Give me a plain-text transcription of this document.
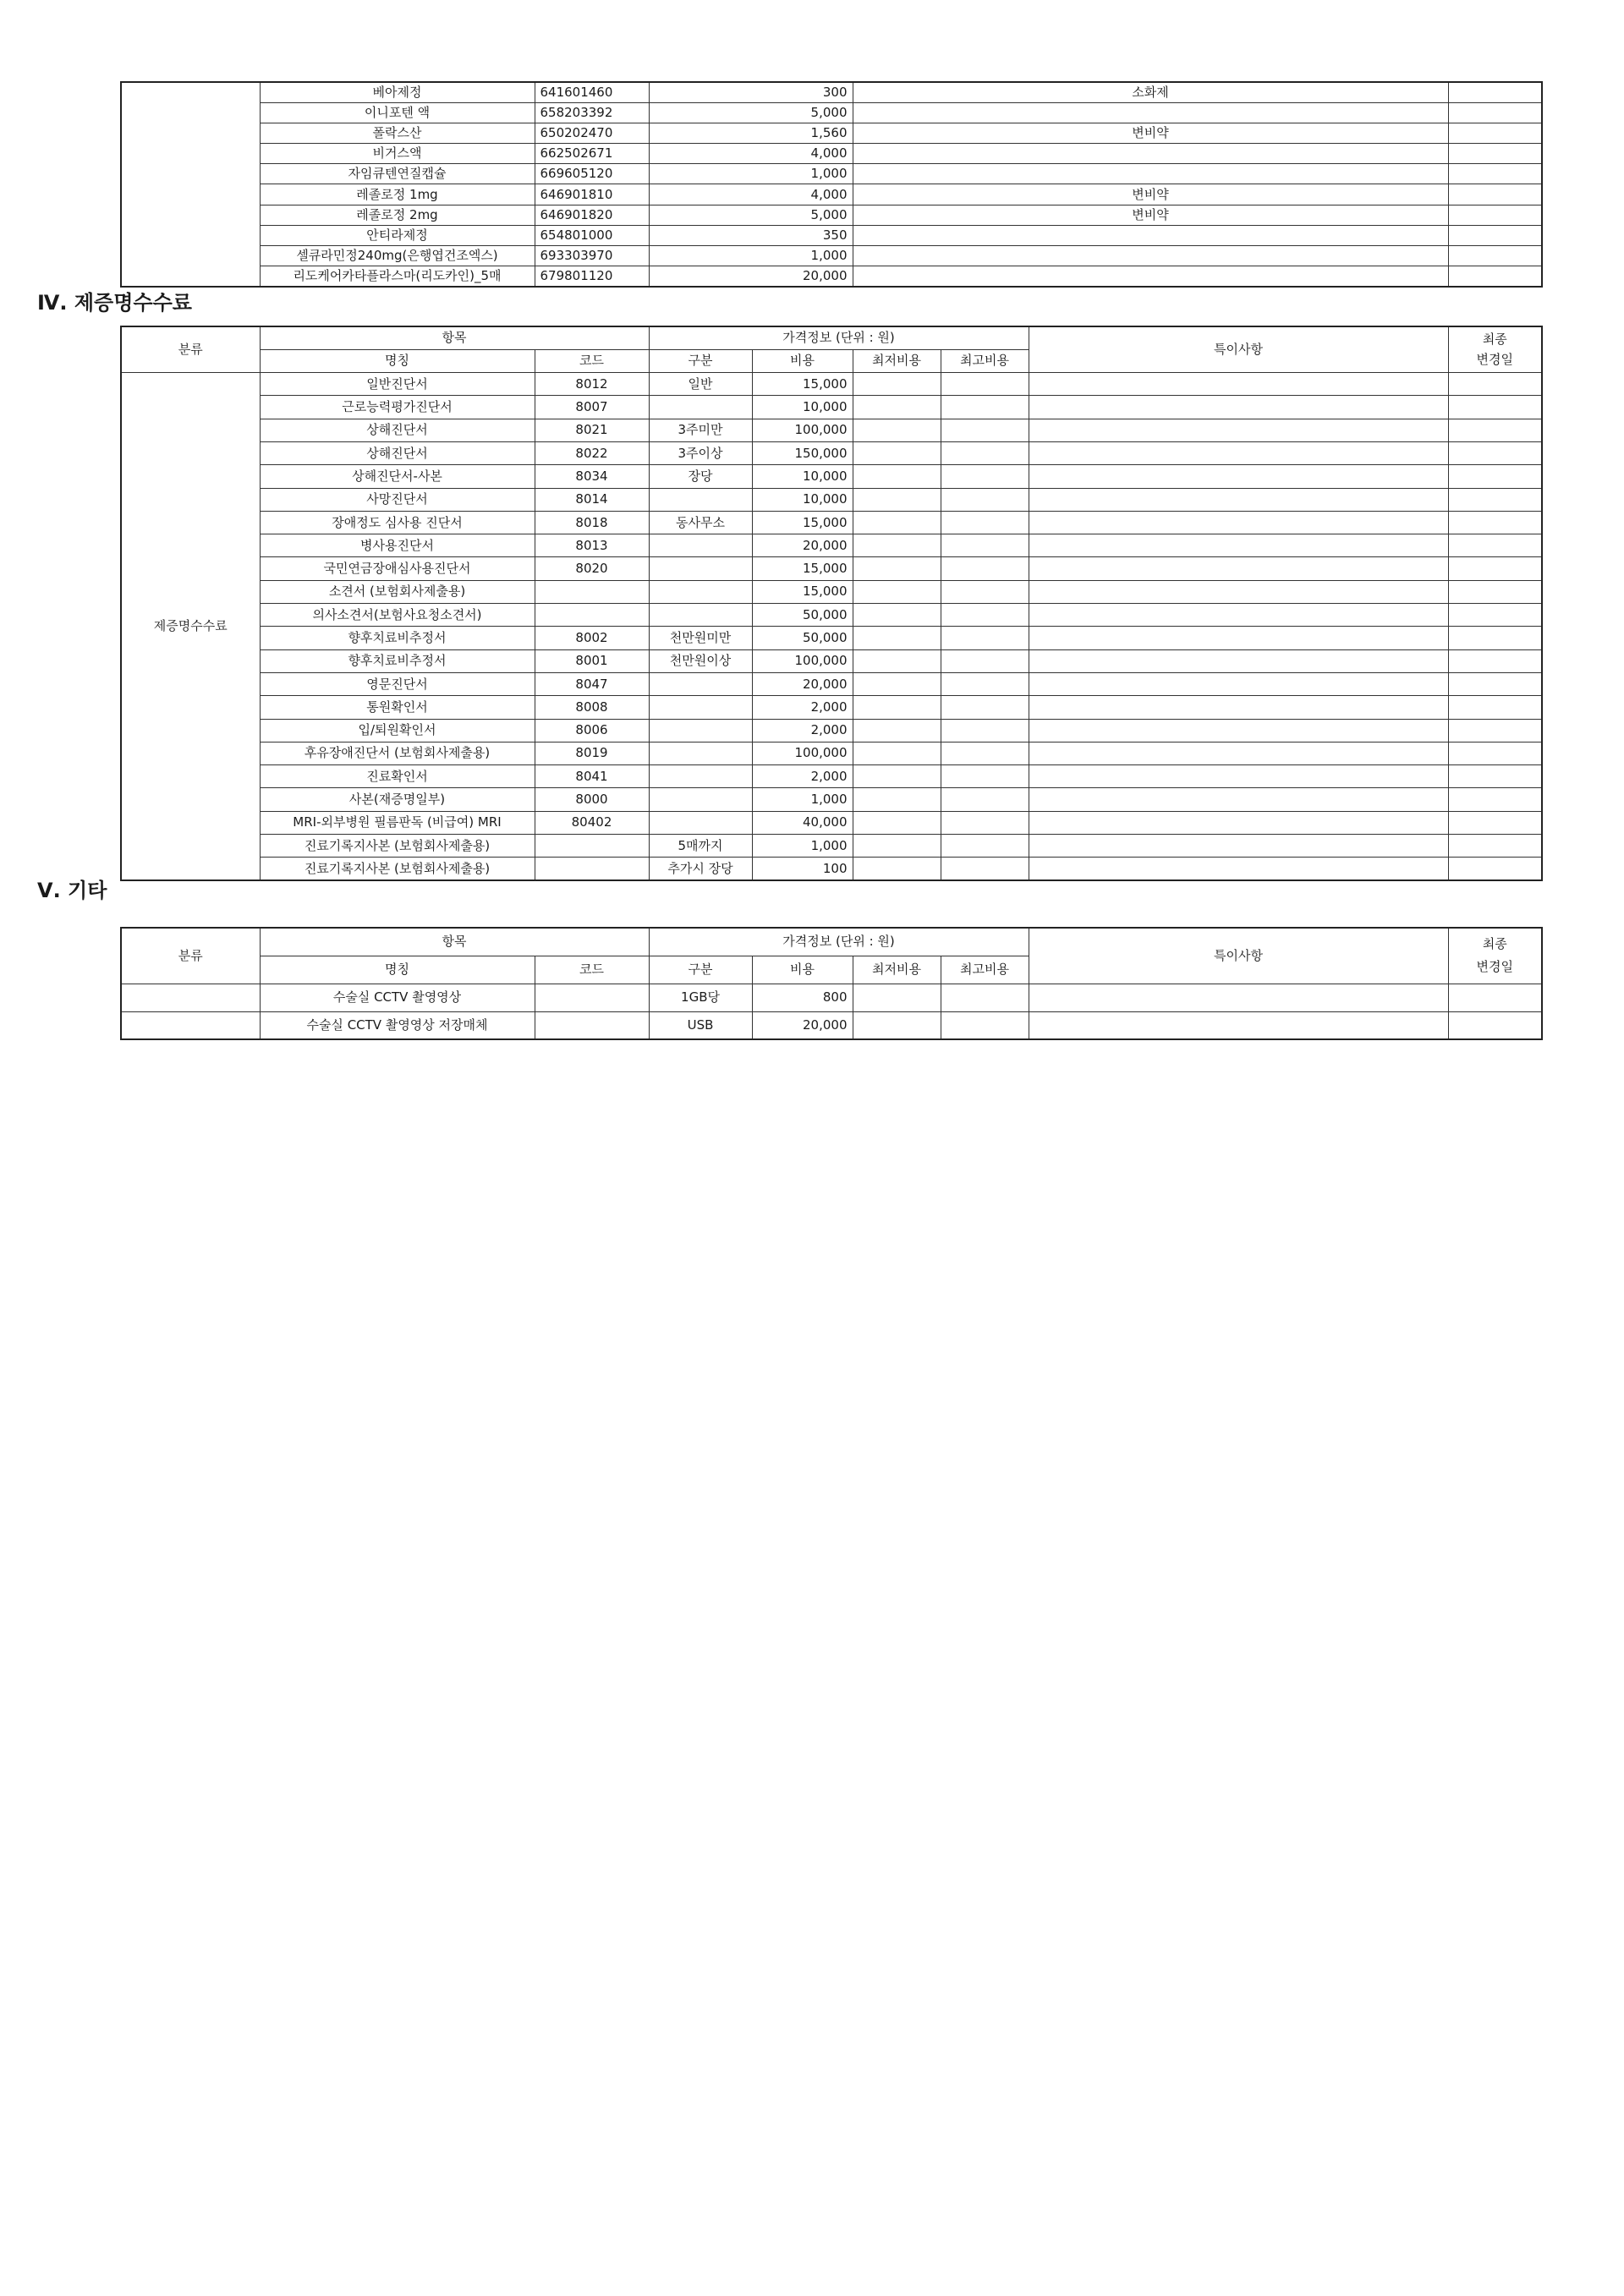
	베아제정	641601460	300	소화제	
	이니포텐 액	658203392	5,000		
	폴락스산	650202470	1,560	변비약	
	비거스액	662502671	4,000		
	자임큐텐연질캡슐	669605120	1,000		
	레졸로정 1mg	646901810	4,000	변비약	
	레졸로정 2mg	646901820	5,000	변비약	
	안티라제정	654801000	350		
	셀큐라민정240mg(은행엽건조엑스)	693303970	1,000		
	리도케어카타플라스마(리도카인)_5매	679801120	20,000		
Ⅳ. 제증명수수료
분류	항목		가격정보 (단위 : 원)				특이사항	최종
변경일
	명칭	코드	구분	비용	최저비용	최고비용		
제증명수수료	일반진단서	8012	일반	15,000				
	근로능력평가진단서	8007		10,000				
	상해진단서	8021	3주미만	100,000				
	상해진단서	8022	3주이상	150,000				
	상해진단서-사본	8034	장당	10,000				
	사망진단서	8014		10,000				
	장애정도 심사용 진단서	8018	동사무소	15,000				
	병사용진단서	8013		20,000				
	국민연금장애심사용진단서	8020		15,000				
	소견서 (보험회사제출용)			15,000				
	의사소견서(보험사요청소견서)			50,000				
	향후치료비추정서	8002	천만원미만	50,000				
	향후치료비추정서	8001	천만원이상	100,000				
	영문진단서	8047		20,000				
	통원확인서	8008		2,000				
	입/퇴원확인서	8006		2,000				
	후유장애진단서 (보험회사제출용)	8019		100,000				
	진료확인서	8041		2,000				
	사본(재증명일부)	8000		1,000				
	MRI-외부병원 필름판독 (비급여) MRI	80402		40,000				
	진료기록지사본 (보험회사제출용)		5매까지	1,000				
	진료기록지사본 (보험회사제출용)		추가시 장당	100				
Ⅴ. 기타
분류	항목		가격정보 (단위 : 원)				특이사항	최종
변경일
	명칭	코드	구분	비용	최저비용	최고비용		
	수술실 CCTV 촬영영상		1GB당	800				
	수술실 CCTV 촬영영상 저장매체		USB	20,000				
